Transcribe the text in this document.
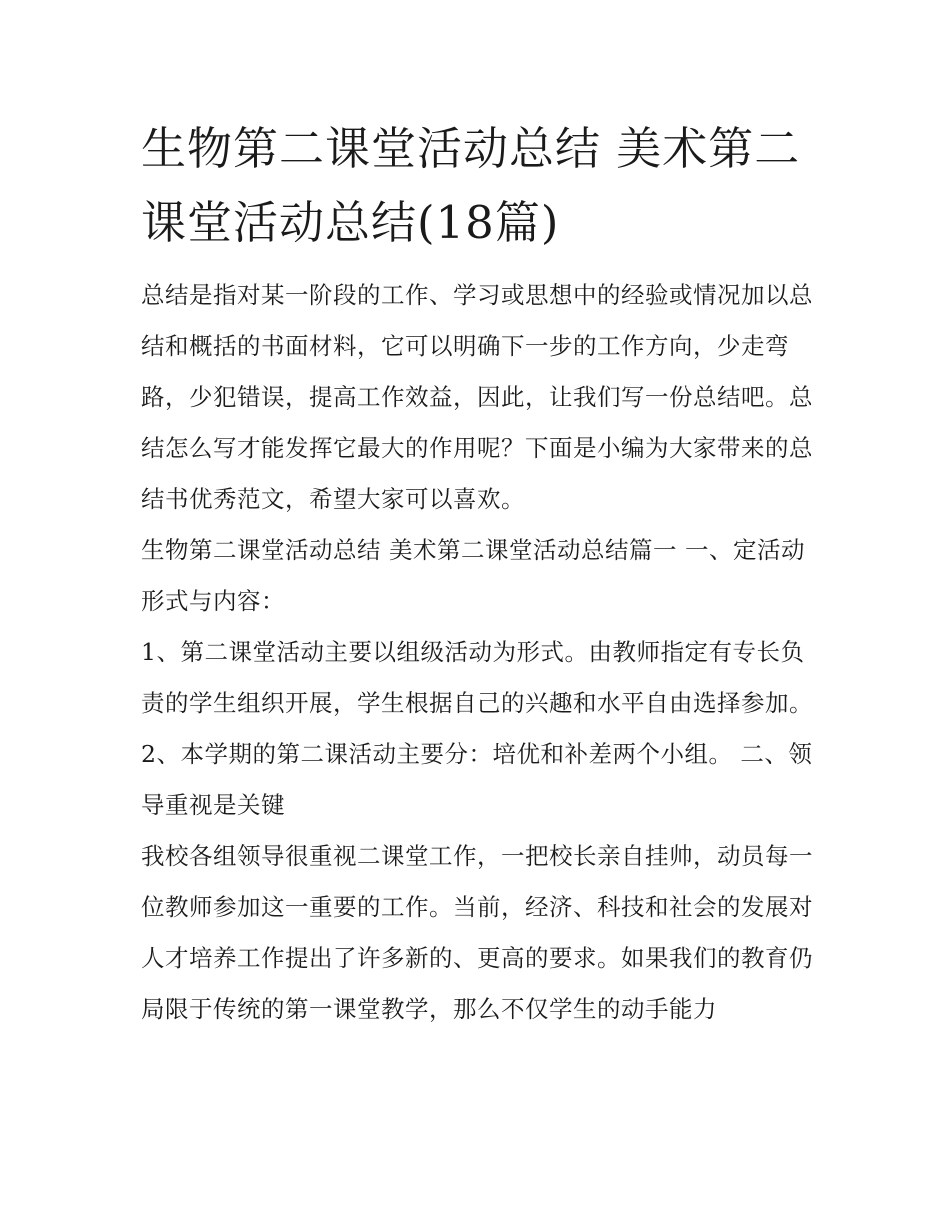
生物第二课堂活动总结 美术第二课堂活动总结(18篇)

总结是指对某一阶段的工作、学习或思想中的经验或情况加以总结和概括的书面材料，它可以明确下一步的工作方向，少走弯路，少犯错误，提高工作效益，因此，让我们写一份总结吧。总结怎么写才能发挥它最大的作用呢？下面是小编为大家带来的总结书优秀范文，希望大家可以喜欢。

生物第二课堂活动总结 美术第二课堂活动总结篇一 一、定活动形式与内容：

1、第二课堂活动主要以组级活动为形式。由教师指定有专长负责的学生组织开展，学生根据自己的兴趣和水平自由选择参加。

2、本学期的第二课活动主要分：培优和补差两个小组。 二、领导重视是关键

我校各组领导很重视二课堂工作，一把校长亲自挂帅，动员每一位教师参加这一重要的工作。当前，经济、科技和社会的发展对人才培养工作提出了许多新的、更高的要求。如果我们的教育仍局限于传统的第一课堂教学，那么不仅学生的动手能力
